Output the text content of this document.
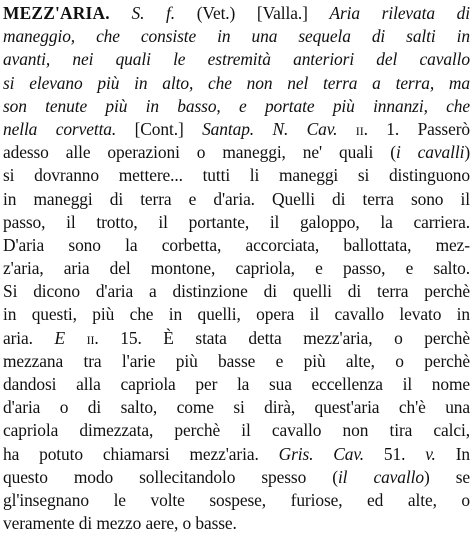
MEZZ'ARIA. S. f. (Vet.) [Valla.] Aria rilevata di
maneggio, che consiste in una sequela di salti in
avanti, nei quali le estremità anteriori del cavallo
si elevano più in alto, che non nel terra a terra, ma
son tenute più in basso, e portate più innanzi, che
nella corvetta. [Cont.] Santap. N. Cav. ii. 1. Passerò
adesso alle operazioni o maneggi, ne' quali (i cavalli)
si dovranno mettere... tutti li maneggi si distinguono
in maneggi di terra e d'aria. Quelli di terra sono il
passo, il trotto, il portante, il galoppo, la carriera.
D'aria sono la corbetta, accorciata, ballottata, mez-
z'aria, aria del montone, capriola, e passo, e salto.
Si dicono d'aria a distinzione di quelli di terra perchè
in questi, più che in quelli, opera il cavallo levato in
aria. E ii. 15. È stata detta mezz'aria, o perchè
mezzana tra l'arie più basse e più alte, o perchè
dandosi alla capriola per la sua eccellenza il nome
d'aria o di salto, come si dirà, quest'aria ch'è una
capriola dimezzata, perchè il cavallo non tira calci,
ha potuto chiamarsi mezz'aria. Gris. Cav. 51. v. In
questo modo sollecitandolo spesso (il cavallo) se
gl'insegnano le volte sospese, furiose, ed alte, o
veramente di mezzo aere, o basse.
